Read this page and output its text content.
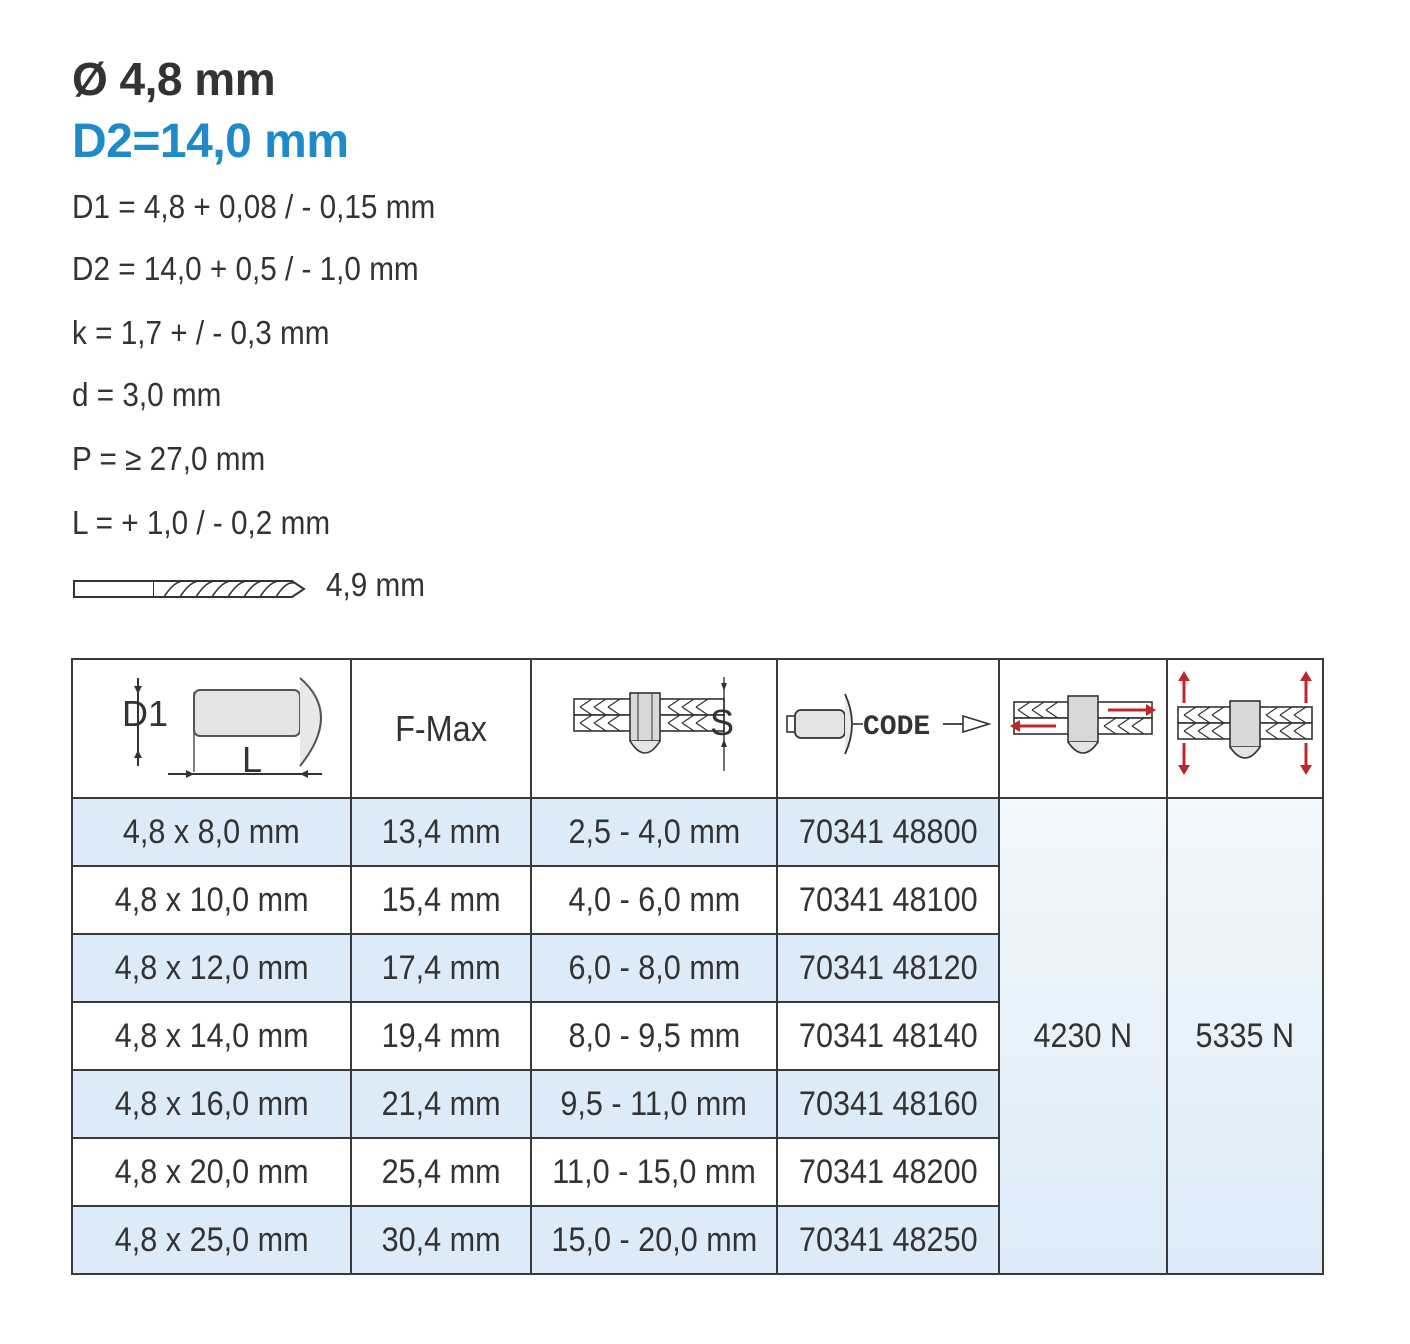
Ø 4,8 mm
D2=14,0 mm
D1 = 4,8 + 0,08 / - 0,15 mm
D2 = 14,0 + 0,5 / - 1,0 mm
k = 1,7 + / - 0,3 mm
d = 3,0 mm
P = ≥ 27,0 mm
L = + 1,0 / - 0,2 mm
4,9 mm
D1
L	F-Max	S	CODE

4,8 x 8,0 mm	13,4 mm	2,5 - 4,0 mm	70341 48800	4230 N	5335 N
4,8 x 10,0 mm	15,4 mm	4,0 - 6,0 mm	70341 48100		
4,8 x 12,0 mm	17,4 mm	6,0 - 8,0 mm	70341 48120		
4,8 x 14,0 mm	19,4 mm	8,0 - 9,5 mm	70341 48140		
4,8 x 16,0 mm	21,4 mm	9,5 - 11,0 mm	70341 48160		
4,8 x 20,0 mm	25,4 mm	11,0 - 15,0 mm	70341 48200		
4,8 x 25,0 mm	30,4 mm	15,0 - 20,0 mm	70341 48250		
